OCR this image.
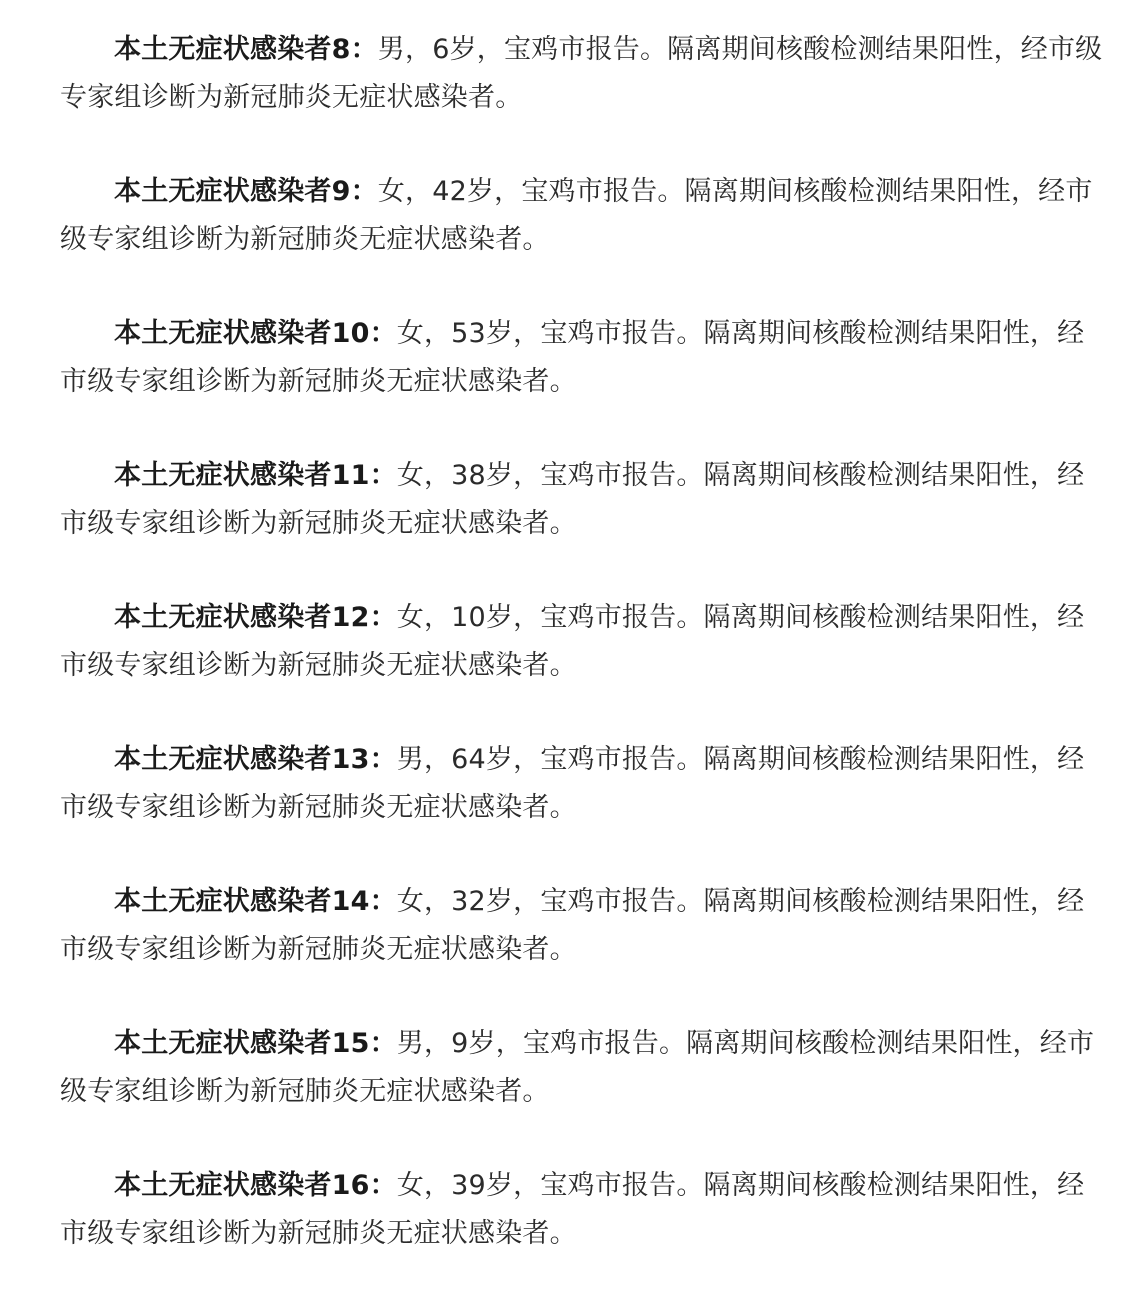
本土无症状感染者8：男，6岁，宝鸡市报告。隔离期间核酸检测结果阳性，经市级专家组诊断为新冠肺炎无症状感染者。

本土无症状感染者9：女，42岁，宝鸡市报告。隔离期间核酸检测结果阳性，经市级专家组诊断为新冠肺炎无症状感染者。

本土无症状感染者10：女，53岁，宝鸡市报告。隔离期间核酸检测结果阳性，经市级专家组诊断为新冠肺炎无症状感染者。

本土无症状感染者11：女，38岁，宝鸡市报告。隔离期间核酸检测结果阳性，经市级专家组诊断为新冠肺炎无症状感染者。

本土无症状感染者12：女，10岁，宝鸡市报告。隔离期间核酸检测结果阳性，经市级专家组诊断为新冠肺炎无症状感染者。

本土无症状感染者13：男，64岁，宝鸡市报告。隔离期间核酸检测结果阳性，经市级专家组诊断为新冠肺炎无症状感染者。

本土无症状感染者14：女，32岁，宝鸡市报告。隔离期间核酸检测结果阳性，经市级专家组诊断为新冠肺炎无症状感染者。

本土无症状感染者15：男，9岁，宝鸡市报告。隔离期间核酸检测结果阳性，经市级专家组诊断为新冠肺炎无症状感染者。

本土无症状感染者16：女，39岁，宝鸡市报告。隔离期间核酸检测结果阳性，经市级专家组诊断为新冠肺炎无症状感染者。
